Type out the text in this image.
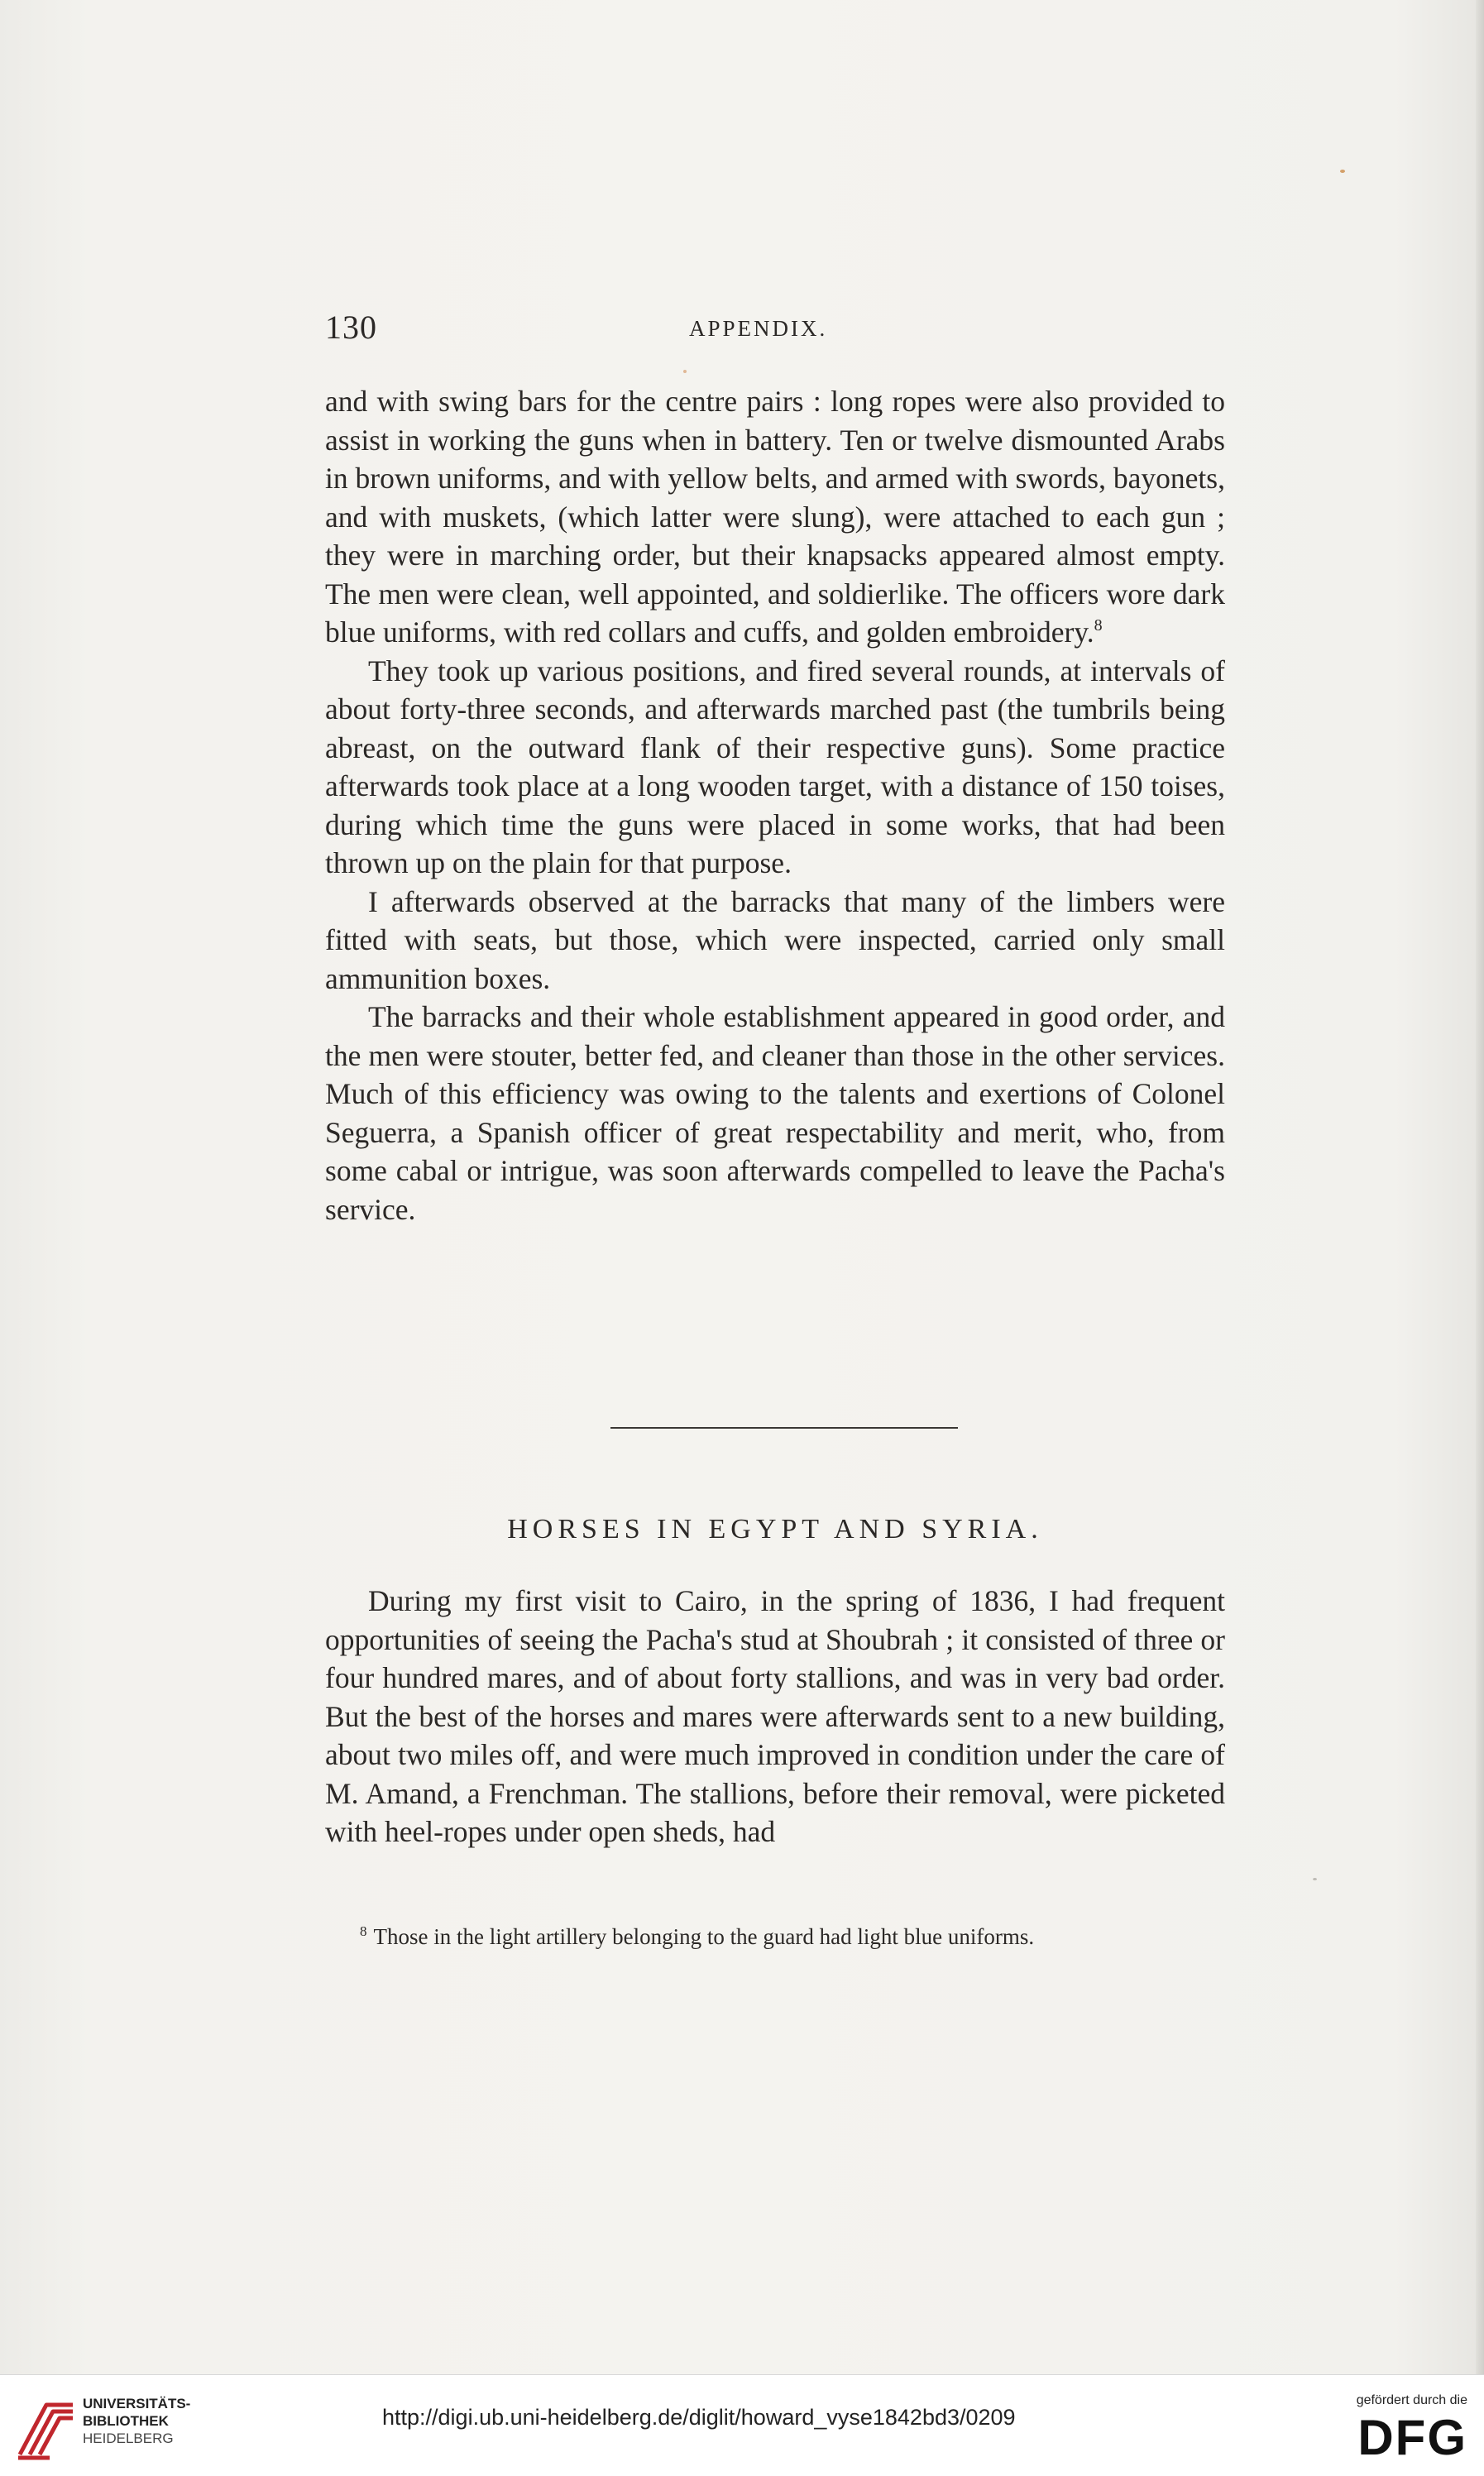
130	APPENDIX.

and with swing bars for the centre pairs : long ropes were also provided to assist in working the guns when in battery. Ten or twelve dismounted Arabs in brown uniforms, and with yellow belts, and armed with swords, bayonets, and with muskets, (which latter were slung), were attached to each gun ; they were in marching order, but their knapsacks appeared almost empty. The men were clean, well appointed, and soldierlike. The officers wore dark blue uniforms, with red collars and cuffs, and golden embroidery.$^8$

They took up various positions, and fired several rounds, at intervals of about forty-three seconds, and afterwards marched past (the tumbrils being abreast, on the outward flank of their respective guns). Some practice afterwards took place at a long wooden target, with a distance of 150 toises, during which time the guns were placed in some works, that had been thrown up on the plain for that purpose.

I afterwards observed at the barracks that many of the limbers were fitted with seats, but those, which were inspected, carried only small ammunition boxes.

The barracks and their whole establishment appeared in good order, and the men were stouter, better fed, and cleaner than those in the other services. Much of this efficiency was owing to the talents and exertions of Colonel Seguerra, a Spanish officer of great respectability and merit, who, from some cabal or intrigue, was soon afterwards compelled to leave the Pacha's service.

HORSES IN EGYPT AND SYRIA.

During my first visit to Cairo, in the spring of 1836, I had frequent opportunities of seeing the Pacha's stud at Shoubrah ; it consisted of three or four hundred mares, and of about forty stallions, and was in very bad order. But the best of the horses and mares were afterwards sent to a new building, about two miles off, and were much improved in condition under the care of M. Amand, a Frenchman. The stallions, before their removal, were picketed with heel-ropes under open sheds, had

$^8$ Those in the light artillery belonging to the guard had light blue uniforms.
UNIVERSITÄTS-
BIBLIOTHEK
HEIDELBERG
http://digi.ub.uni-heidelberg.de/diglit/howard_vyse1842bd3/0209
gefördert durch die
DFG
